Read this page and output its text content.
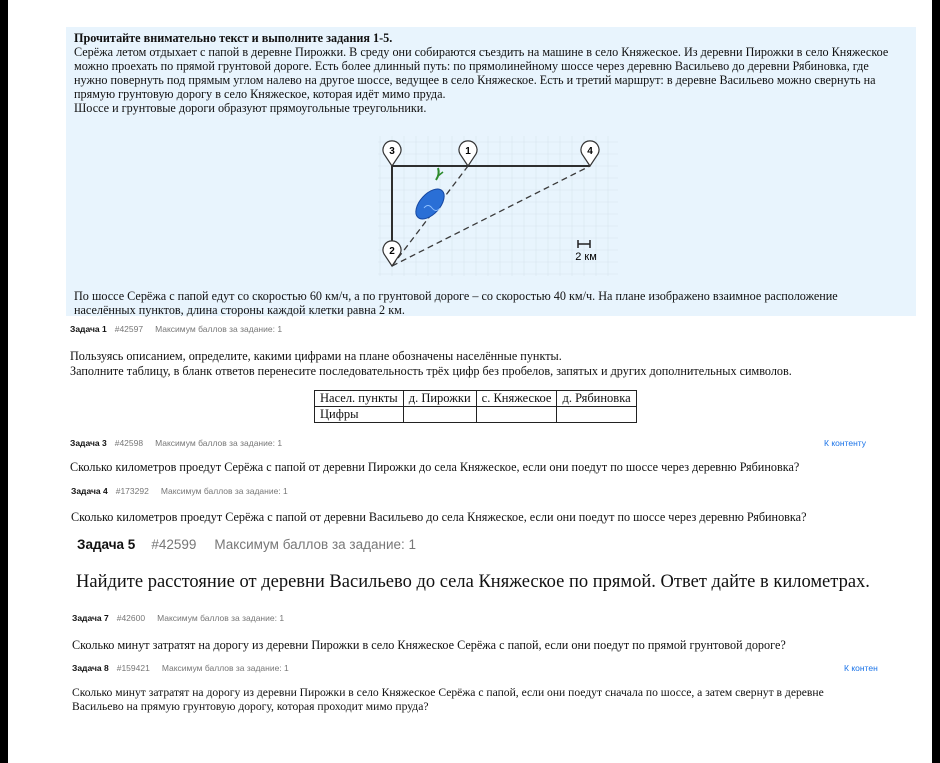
Прочитайте внимательно текст и выполните задания 1-5.
Серёжа летом отдыхает с папой в деревне Пирожки. В среду они собираются съездить на машине в село Княжеское. Из деревни Пирожки в село Княжеское
можно проехать по прямой грунтовой дороге. Есть более длинный путь: по прямолинейному шоссе через деревню Васильево до деревни Рябиновка, где
нужно повернуть под прямым углом налево на другое шоссе, ведущее в село Княжеское. Есть и третий маршрут: в деревне Васильево можно свернуть на
прямую грунтовую дорогу в село Княжеское, которая идёт мимо пруда.
Шоссе и грунтовые дороги образуют прямоугольные треугольники.
3	1	4
2	2 км
По шоссе Серёжа с папой едут со скоростью 60 км/ч, а по грунтовой дороге – со скоростью 40 км/ч. На плане изображено взаимное расположение
населённых пунктов, длина стороны каждой клетки равна 2 км.
Задача 1 #42597 Максимум баллов за задание: 1
Пользуясь описанием, определите, какими цифрами на плане обозначены населённые пункты.
Заполните таблицу, в бланк ответов перенесите последовательность трёх цифр без пробелов, запятых и других дополнительных символов.
Насел. пункты	д. Пирожки	с. Княжеское	д. Рябиновка
Цифры			
Задача 3 #42598 Максимум баллов за задание: 1	К контенту
Сколько километров проедут Серёжа с папой от деревни Пирожки до села Княжеское, если они поедут по шоссе через деревню Рябиновка?
Задача 4 #173292 Максимум баллов за задание: 1
Сколько километров проедут Серёжа с папой от деревни Васильево до села Княжеское, если они поедут по шоссе через деревню Рябиновка?
Задача 5 #42599 Максимум баллов за задание: 1
Найдите расстояние от деревни Васильево до села Княжеское по прямой. Ответ дайте в километрах.
Задача 7 #42600 Максимум баллов за задание: 1
Сколько минут затратят на дорогу из деревни Пирожки в село Княжеское Серёжа с папой, если они поедут по прямой грунтовой дороге?
Задача 8 #159421 Максимум баллов за задание: 1	К контен
Сколько минут затратят на дорогу из деревни Пирожки в село Княжеское Серёжа с папой, если они поедут сначала по шоссе, а затем свернут в деревне
Васильево на прямую грунтовую дорогу, которая проходит мимо пруда?
